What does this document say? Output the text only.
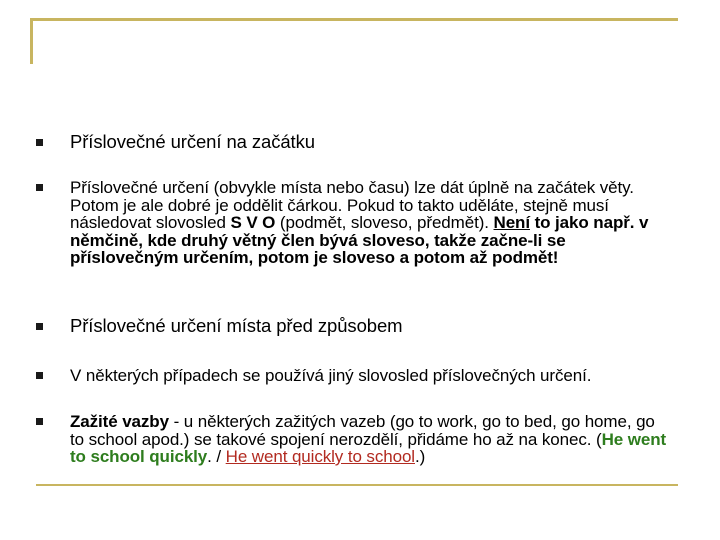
Příslovečné určení na začátku
Příslovečné určení (obvykle místa nebo času) lze dát úplně na začátek věty. Potom je ale dobré je oddělit čárkou. Pokud to takto uděláte, stejně musí následovat slovosled S V O (podmět, sloveso, předmět). Není to jako např. v němčině, kde druhý větný člen bývá sloveso, takže začne-li se příslovečným určením, potom je sloveso a potom až podmět!
Příslovečné určení místa před způsobem
V některých případech se používá jiný slovosled příslovečných určení.
Zažité vazby - u některých zažitých vazeb (go to work, go to bed, go home, go to school apod.) se takové spojení nerozdělí, přidáme ho až na konec. (He went to school quickly. / He went quickly to school.)
